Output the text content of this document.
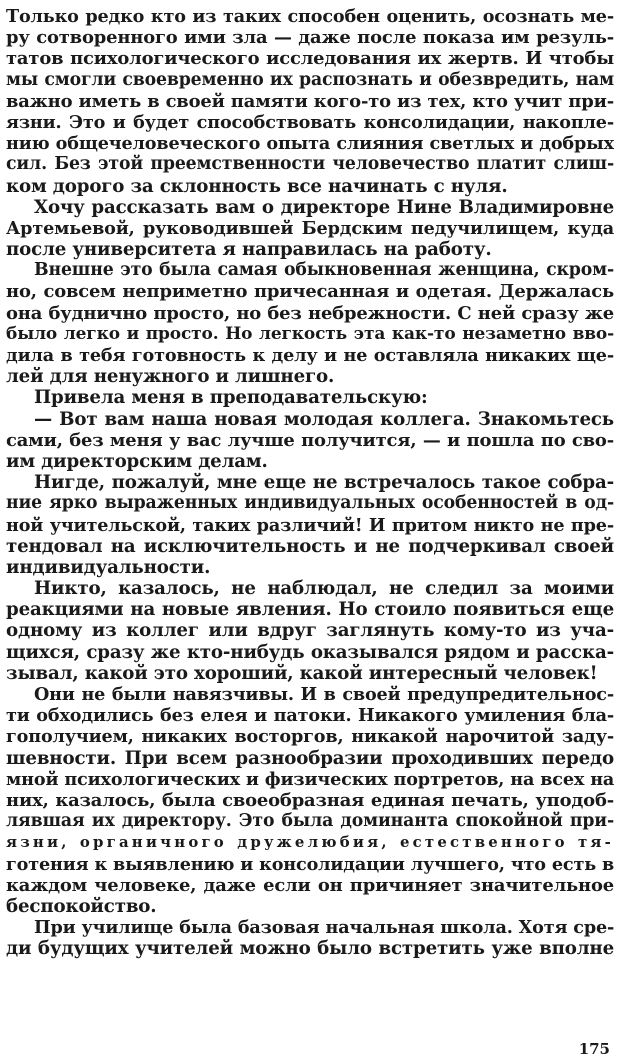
Только редко кто из таких способен оценить, осознать ме-
ру сотворенного ими зла — даже после показа им резуль-
татов психологического исследования их жертв. И чтобы
мы смогли своевременно их распознать и обезвредить, нам
важно иметь в своей памяти кого-то из тех, кто учит при-
язни. Это и будет способствовать консолидации, накопле-
нию общечеловеческого опыта слияния светлых и добрых
сил. Без этой преемственности человечество платит слиш-
ком дорого за склонность все начинать с нуля.
Хочу рассказать вам о директоре Нине Владимировне
Артемьевой, руководившей Бердским педучилищем, куда
после университета я направилась на работу.
Внешне это была самая обыкновенная женщина, скром-
но, совсем неприметно причесанная и одетая. Держалась
она буднично просто, но без небрежности. С ней сразу же
было легко и просто. Но легкость эта как-то незаметно вво-
дила в тебя готовность к делу и не оставляла никаких ще-
лей для ненужного и лишнего.
Привела меня в преподавательскую:
— Вот вам наша новая молодая коллега. Знакомьтесь
сами, без меня у вас лучше получится, — и пошла по сво-
им директорским делам.
Нигде, пожалуй, мне еще не встречалось такое собра-
ние ярко выраженных индивидуальных особенностей в од-
ной учительской, таких различий! И притом никто не пре-
тендовал на исключительность и не подчеркивал своей
индивидуальности.
Никто, казалось, не наблюдал, не следил за моими
реакциями на новые явления. Но стоило появиться еще
одному из коллег или вдруг заглянуть кому-то из уча-
щихся, сразу же кто-нибудь оказывался рядом и расска-
зывал, какой это хороший, какой интересный человек!
Они не были навязчивы. И в своей предупредительнос-
ти обходились без елея и патоки. Никакого умиления бла-
гополучием, никаких восторгов, никакой нарочитой заду-
шевности. При всем разнообразии проходивших передо
мной психологических и физических портретов, на всех на
них, казалось, была своеобразная единая печать, уподоб-
лявшая их директору. Это была доминанта спокойной при-
язни, органичного дружелюбия, естественного тя-
готения к выявлению и консолидации лучшего, что есть в
каждом человеке, даже если он причиняет значительное
беспокойство.
При училище была базовая начальная школа. Хотя сре-
ди будущих учителей можно было встретить уже вполне
175
